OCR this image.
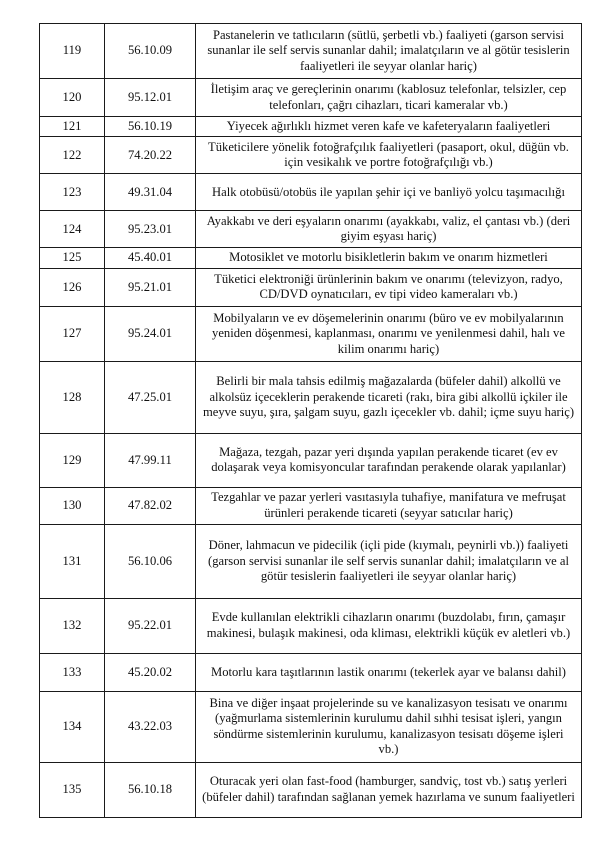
119	56.10.09	Pastanelerin ve tatlıcıların (sütlü, şerbetli vb.) faaliyeti (garson servisi sunanlar ile self servis sunanlar dahil; imalatçıların ve al götür tesislerin faaliyetleri ile seyyar olanlar hariç)
120	95.12.01	İletişim araç ve gereçlerinin onarımı (kablosuz telefonlar, telsizler, cep telefonları, çağrı cihazları, ticari kameralar vb.)
121	56.10.19	Yiyecek ağırlıklı hizmet veren kafe ve kafeteryaların faaliyetleri
122	74.20.22	Tüketicilere yönelik fotoğrafçılık faaliyetleri (pasaport, okul, düğün vb. için vesikalık ve portre fotoğrafçılığı vb.)
123	49.31.04	Halk otobüsü/otobüs ile yapılan şehir içi ve banliyö yolcu taşımacılığı
124	95.23.01	Ayakkabı ve deri eşyaların onarımı (ayakkabı, valiz, el çantası vb.) (deri giyim eşyası hariç)
125	45.40.01	Motosiklet ve motorlu bisikletlerin bakım ve onarım hizmetleri
126	95.21.01	Tüketici elektroniği ürünlerinin bakım ve onarımı (televizyon, radyo, CD/DVD oynatıcıları, ev tipi video kameraları vb.)
127	95.24.01	Mobilyaların ve ev döşemelerinin onarımı (büro ve ev mobilyalarının yeniden döşenmesi, kaplanması, onarımı ve yenilenmesi dahil, halı ve kilim onarımı hariç)
128	47.25.01	Belirli bir mala tahsis edilmiş mağazalarda (büfeler dahil) alkollü ve alkolsüz içeceklerin perakende ticareti (rakı, bira gibi alkollü içkiler ile meyve suyu, şıra, şalgam suyu, gazlı içecekler vb. dahil; içme suyu hariç)
129	47.99.11	Mağaza, tezgah, pazar yeri dışında yapılan perakende ticaret (ev ev dolaşarak veya komisyoncular tarafından perakende olarak yapılanlar)
130	47.82.02	Tezgahlar ve pazar yerleri vasıtasıyla tuhafiye, manifatura ve mefruşat ürünleri perakende ticareti (seyyar satıcılar hariç)
131	56.10.06	Döner, lahmacun ve pidecilik (içli pide (kıymalı, peynirli vb.)) faaliyeti (garson servisi sunanlar ile self servis sunanlar dahil; imalatçıların ve al götür tesislerin faaliyetleri ile seyyar olanlar hariç)
132	95.22.01	Evde kullanılan elektrikli cihazların onarımı (buzdolabı, fırın, çamaşır makinesi, bulaşık makinesi, oda kliması, elektrikli küçük ev aletleri vb.)
133	45.20.02	Motorlu kara taşıtlarının lastik onarımı (tekerlek ayar ve balansı dahil)
134	43.22.03	Bina ve diğer inşaat projelerinde su ve kanalizasyon tesisatı ve onarımı (yağmurlama sistemlerinin kurulumu dahil sıhhi tesisat işleri, yangın söndürme sistemlerinin kurulumu, kanalizasyon tesisatı döşeme işleri vb.)
135	56.10.18	Oturacak yeri olan fast-food (hamburger, sandviç, tost vb.) satış yerleri (büfeler dahil) tarafından sağlanan yemek hazırlama ve sunum faaliyetleri
